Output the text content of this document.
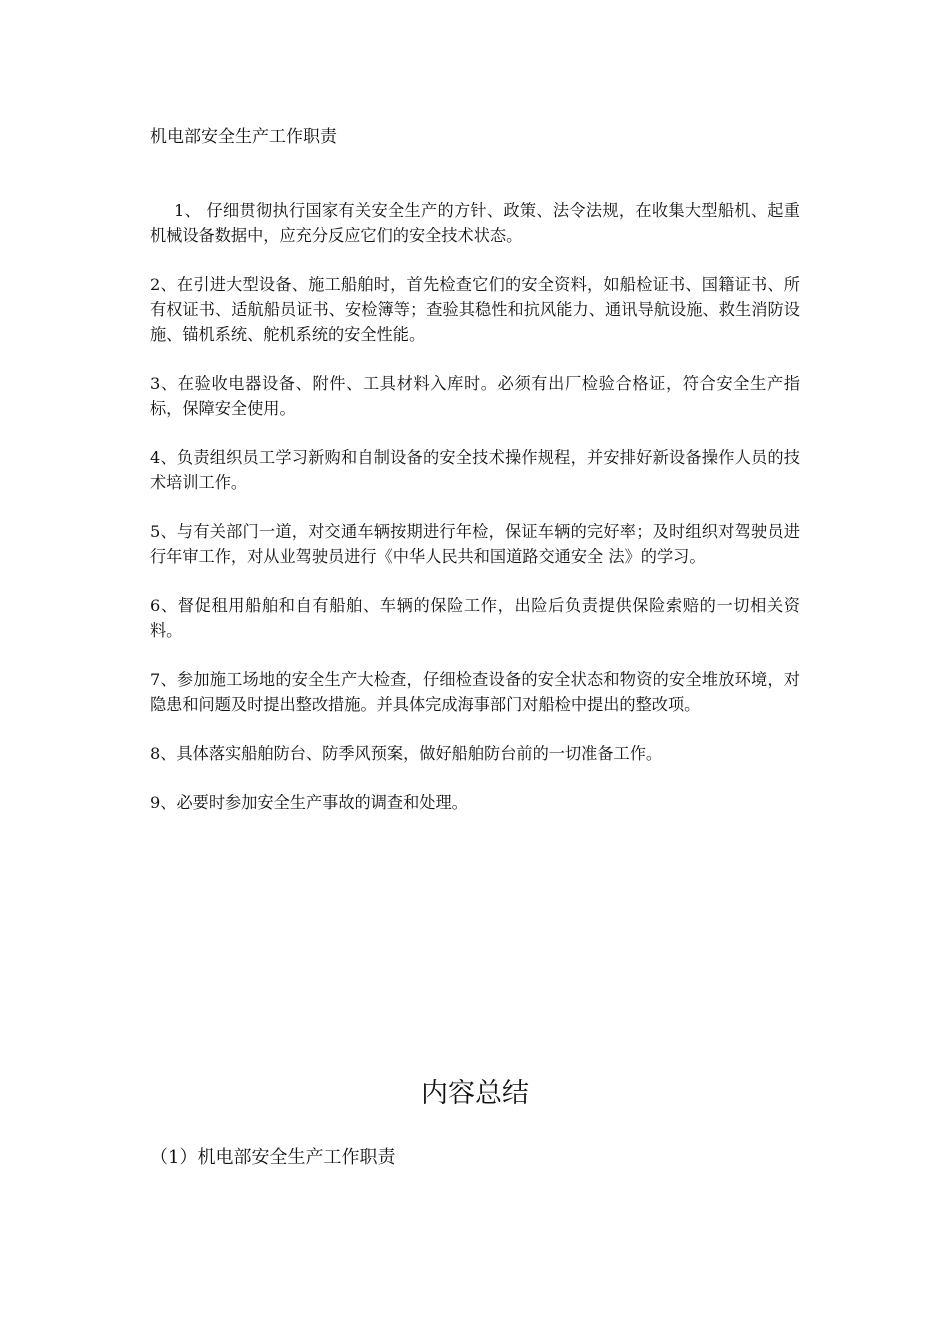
机电部安全生产工作职责

1、 仔细贯彻执行国家有关安全生产的方针、政策、法令法规，在收集大型船机、起重机械设备数据中，应充分反应它们的安全技术状态。

2、在引进大型设备、施工船舶时，首先检查它们的安全资料，如船检证书、国籍证书、所有权证书、适航船员证书、安检簿等；查验其稳性和抗风能力、通讯导航设施、救生消防设施、锚机系统、舵机系统的安全性能。

3、在验收电器设备、附件、工具材料入库时。必须有出厂检验合格证，符合安全生产指标，保障安全使用。

4、负责组织员工学习新购和自制设备的安全技术操作规程，并安排好新设备操作人员的技术培训工作。

5、与有关部门一道，对交通车辆按期进行年检，保证车辆的完好率；及时组织对驾驶员进行年审工作，对从业驾驶员进行《中华人民共和国道路交通安全 法》的学习。

6、督促租用船舶和自有船舶、车辆的保险工作，出险后负责提供保险索赔的一切相关资料。

7、参加施工场地的安全生产大检查，仔细检查设备的安全状态和物资的安全堆放环境，对隐患和问题及时提出整改措施。并具体完成海事部门对船检中提出的整改项。

8、具体落实船舶防台、防季风预案，做好船舶防台前的一切准备工作。

9、必要时参加安全生产事故的调查和处理。

内容总结
（1）机电部安全生产工作职责
